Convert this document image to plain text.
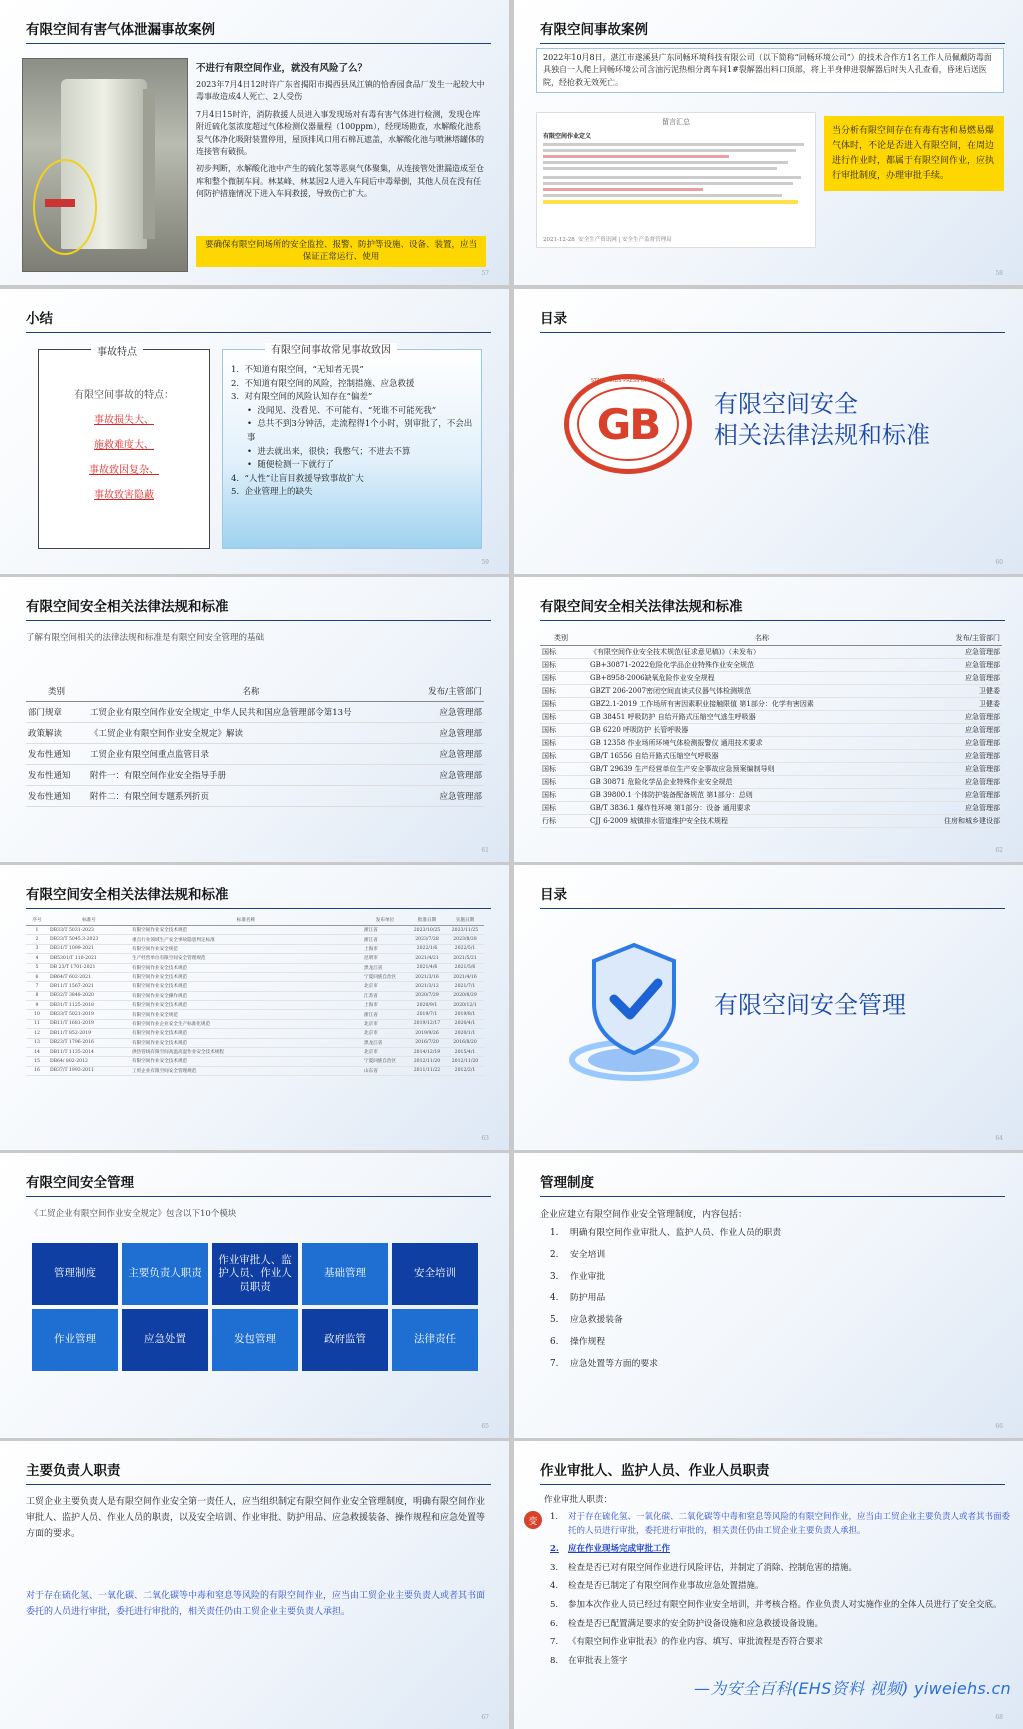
有限空间有害气体泄漏事故案例
不进行有限空间作业，就没有风险了么？
2023年7月4日12时许广东省揭阳市揭西县凤江镇的恰香园食品厂发生一起较大中毒事故造成4人死亡、2人受伤
7月4日15时许，消防救援人员进入事发现场对有毒有害气体进行检测，发现仓库附近硫化氢浓度超过气体检测仪器量程（100ppm），经现场勘查，水解酸化池系泵气体净化吸附装置停用，屋顶排风口用石棉瓦遮盖，水解酸化池与喷淋塔罐体的连接管有破损。
初步判断，水解酸化池中产生的硫化氢等恶臭气体聚集，从连接管处泄漏造成至仓库和整个微制车间。林某峰、林某因2人进入车间后中毒晕倒，其他人员在没有任何防护措施情况下进入车间救援，导致伤亡扩大。
要确保有限空间场所的安全监控、报警、防护等设施、设备、装置，应当保证正常运行、使用
57
有限空间事故案例
2022年10月8日，湛江市遂溪县广东同畅环境科技有限公司（以下简称“同畅环境公司”）的技术合作方1名工作人员佩戴防毒面具独自一人爬上同畅环境公司含油污泥热相分离车间1#裂解器出料口顶部，将上半身伸进裂解器后时失人孔查看，昏迷后送医院，经抢救无效死亡。
留言汇总
有限空间作业定义
2021-12-28 安全生产资讯网 | 安全生产监督管理局
当分析有限空间存在有毒有害和易燃易爆气体时，不论是否进入有限空间，在周边进行作业时，都属于有限空间作业，应执行审批制度，办理审批手续。
58
小结
事故特点
有限空间事故的特点：
事故损失大、
施救难度大、
事故致因复杂、
事故致害隐蔽
有限空间事故常见事故致因
1. 不知道有限空间，“无知者无畏”
2. 不知道有限空间的风险，控制措施、应急救援
3. 对有限空间的风险认知存在“偏差”
•  没闻见、没看见、不可能有、“死谁不可能死我”
•  总共不到3分钟活，走流程得1个小时，别审批了，不会出事
•  进去就出来，很快；我憋气；不进去不算
•  随便检测一下就行了
4. “人性”让盲目救援导致事故扩大
5. 企业管理上的缺失
59
目录
GB
STANDARDS PRESS OF CHINA
有限空间安全
相关法律法规和标准
60
有限空间安全相关法律法规和标准
了解有限空间相关的法律法规和标准是有限空间安全管理的基础
类别	名称	发布/主管部门
部门规章	工贸企业有限空间作业安全规定_中华人民共和国应急管理部令第13号	应急管理部
政策解读	《工贸企业有限空间作业安全规定》解读	应急管理部
发布性通知	工贸企业有限空间重点监管目录	应急管理部
发布性通知	附件一：有限空间作业安全指导手册	应急管理部
发布性通知	附件二：有限空间专题系列折页	应急管理部
61
有限空间安全相关法律法规和标准
类别	名称	发布/主管部门
国标	《有限空间作业安全技术规范(征求意见稿)》（未发布）	应急管理部
国标	GB+30871-2022危险化学品企业特殊作业安全规范	应急管理部
国标	GB+8958-2006缺氧危险作业安全规程	应急管理部
国标	GBZT 206-2007密闭空间直读式仪器气体检测规范	卫健委
国标	GBZ2.1-2019 工作场所有害因素职业接触限值 第1部分：化学有害因素	卫健委
国标	GB 38451 呼吸防护 自给开路式压缩空气逃生呼吸器	应急管理部
国标	GB 6220 呼吸防护 长管呼吸器	应急管理部
国标	GB 12358 作业场所环境气体检测报警仪 通用技术要求	应急管理部
国标	GB/T 16556 自给开路式压缩空气呼吸器	应急管理部
国标	GB/T 29639 生产经营单位生产安全事故应急预案编制导则	应急管理部
国标	GB 30871 危险化学品企业特殊作业安全规范	应急管理部
国标	GB 39800.1 个体防护装备配备规范 第1部分：总则	应急管理部
国标	GB/T 3836.1 爆炸性环境 第1部分：设备 通用要求	应急管理部
行标	CJJ 6-2009 城镇排水管道维护安全技术规程	住房和城乡建设部
62
有限空间安全相关法律法规和标准
序号	标准号	标准名称	发布单位	批准日期	实施日期
1	DB33/T 5031-2023	有限空间作业安全技术规范	浙江省	2023/10/25	2023/11/25
2	DB33/T 5045.3-2023	重点行业领域生产安全事故隐患判定标准	浙江省	2023/7/28	2023/8/28
3	DB31/T 1099-2021	有限空间作业安全规范	上海市	2022/1/6	2022/5/1
4	DB5301/T 110-2021	生产经营单位有限空间安全管理规范	昆明市	2021/4/21	2021/5/21
5	DB 23/T 1701-2021	有限空间作业安全技术规范	黑龙江省	2021/4/6	2021/5/6
6	DB64/T 602-2021	有限空间作业安全技术规范	宁夏回族自治区	2021/3/16	2021/4/16
7	DB11/T 1567-2021	有限空间作业安全技术规范	北京市	2021/3/12	2021/7/1
8	DB32/T 3848-2020	有限空间作业安全操作规范	江苏省	2020/7/29	2020/8/29
9	DB31/T 1125-2018	有限空间作业安全技术规范	上海市	2020/9/1	2020/12/1
10	DB33/T 5021-2019	有限空间作业安全规范	浙江省	2019/7/1	2019/8/1
11	DB11/T 1681-2019	有限空间作业企业安全生产标准化规范	北京市	2019/12/17	2020/4/1
12	DB11/T 852-2019	有限空间作业安全技术规范	北京市	2019/9/26	2020/1/1
13	DB23/T 1796-2016	有限空间作业安全技术规范	黑龙江省	2016/7/20	2016/8/20
14	DB11/T 1135-2014	供热管线有限空间高温高湿作业安全技术规程	北京市	2014/12/19	2015/4/1
15	DB64/ 802-2012	有限空间作业安全技术规范	宁夏回族自治区	2012/11/20	2012/11/20
16	DB37/T 1993-2011	工贸企业有限空间安全管理规范	山东省	2011/11/22	2012/2/1
63
目录
有限空间安全管理
64
有限空间安全管理
《工贸企业有限空间作业安全规定》包含以下10个模块
管理制度	主要负责人职责
作业审批人、监护人员、作业人员职责
基础管理	安全培训
作业管理	应急处置	发包管理	政府监管	法律责任
65
管理制度
企业应建立有限空间作业安全管理制度，内容包括：
1. 明确有限空间作业审批人、监护人员、作业人员的职责
2. 安全培训
3. 作业审批
4. 防护用品
5. 应急救援装备
6. 操作规程
7. 应急处置等方面的要求
66
主要负责人职责
工贸企业主要负责人是有限空间作业安全第一责任人，应当组织制定有限空间作业安全管理制度，明确有限空间作业审批人、监护人员、作业人员的职责，以及安全培训、作业审批、防护用品、应急救援装备、操作规程和应急处置等方面的要求。
对于存在硫化氢、一氧化碳、二氧化碳等中毒和窒息等风险的有限空间作业，应当由工贸企业主要负责人或者其书面委托的人员进行审批，委托进行审批的，相关责任仍由工贸企业主要负责人承担。
67
作业审批人、监护人员、作业人员职责
作业审批人职责：
变	1.	对于存在硫化氢、一氧化碳、二氧化碳等中毒和窒息等风险的有限空间作业，应当由工贸企业主要负责人或者其书面委托的人员进行审批，委托进行审批的，相关责任仍由工贸企业主要负责人承担。
2.	应在作业现场完成审批工作
3.	检查是否已对有限空间作业进行风险评估，并制定了消除、控制危害的措施。
4.	检查是否已制定了有限空间作业事故应急处置措施。
5.	参加本次作业人员已经过有限空间作业安全培训，并考核合格。作业负责人对实施作业的全体人员进行了安全交底。
6.	检查是否已配置满足要求的安全防护设备设施和应急救援设备设施。
7.	《有限空间作业审批表》的作业内容、填写、审批流程是否符合要求
8.	在审批表上签字
—为安全百科(EHS资料 视频) yiweiehs.cn
68
